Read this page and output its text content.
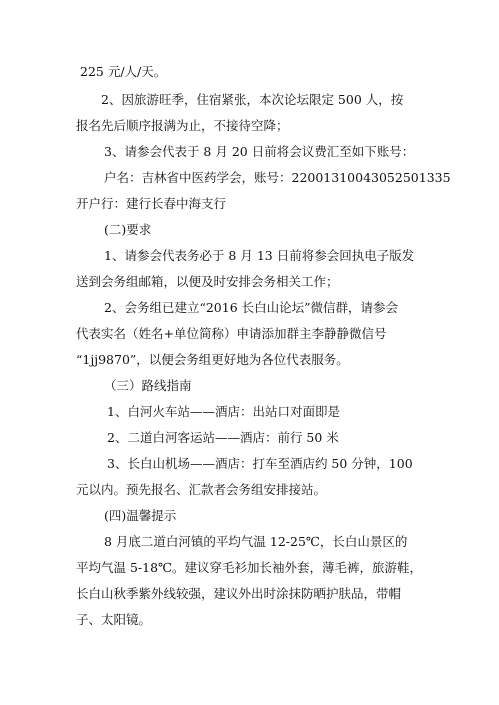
225 元/人/天。
2、因旅游旺季，住宿紧张，本次论坛限定 500 人，按
报名先后顺序报满为止，不接待空降；
3、请参会代表于 8 月 20 日前将会议费汇至如下账号：
户名：吉林省中医药学会，账号：22001310043052501335
开户行：建行长春中海支行
(二)要求
1、请参会代表务必于 8 月 13 日前将参会回执电子版发
送到会务组邮箱，以便及时安排会务相关工作；
2、会务组已建立“2016 长白山论坛”微信群，请参会
代表实名（姓名+单位简称）申请添加群主李静静微信号
“1jj9870”，以便会务组更好地为各位代表服务。
（三）路线指南
1、白河火车站——酒店：出站口对面即是
2、二道白河客运站——酒店：前行 50 米
3、长白山机场——酒店：打车至酒店约 50 分钟，100
元以内。预先报名、汇款者会务组安排接站。
(四)温馨提示
8 月底二道白河镇的平均气温 12-25℃，长白山景区的
平均气温 5-18℃。建议穿毛衫加长袖外套，薄毛裤，旅游鞋，
长白山秋季紫外线较强，建议外出时涂抹防晒护肤品，带帽
子、太阳镜。
